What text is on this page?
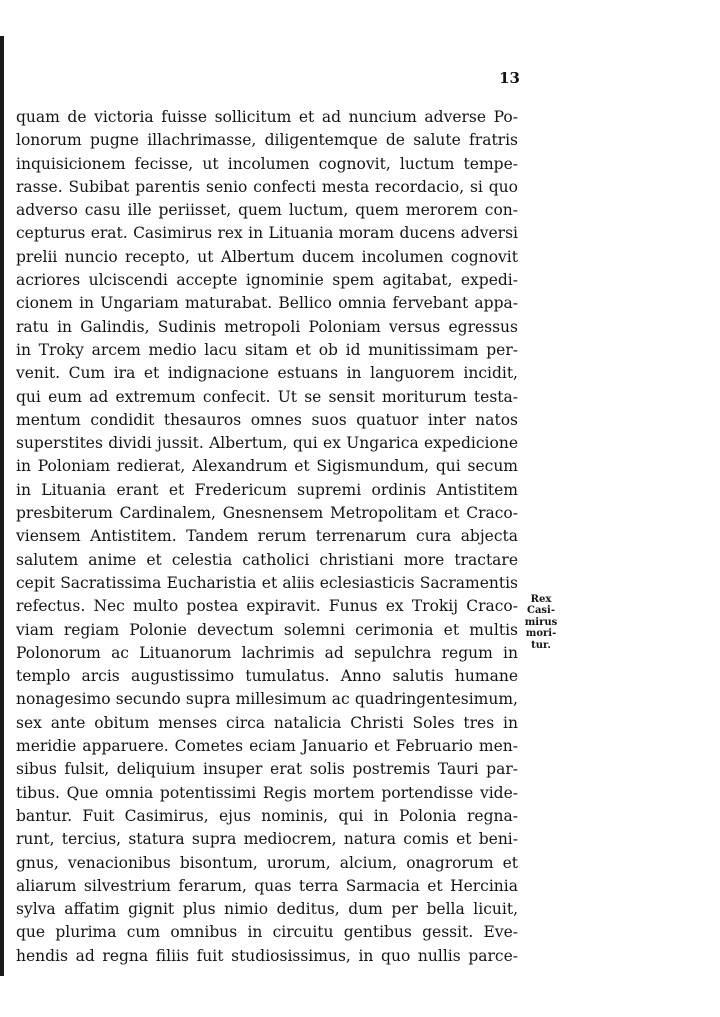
13
quam de victoria fuisse sollicitum et ad nuncium adverse Po-
lonorum pugne illachrimasse, diligentemque de salute fratris
inquisicionem fecisse, ut incolumen cognovit, luctum tempe-
rasse. Subibat parentis senio confecti mesta recordacio, si quo
adverso casu ille periisset, quem luctum, quem merorem con-
cepturus erat. Casimirus rex in Lituania moram ducens adversi
prelii nuncio recepto, ut Albertum ducem incolumen cognovit
acriores ulciscendi accepte ignominie spem agitabat, expedi-
cionem in Ungariam maturabat. Bellico omnia fervebant appa-
ratu in Galindis, Sudinis metropoli Poloniam versus egressus
in Troky arcem medio lacu sitam et ob id munitissimam per-
venit. Cum ira et indignacione estuans in languorem incidit,
qui eum ad extremum confecit. Ut se sensit moriturum testa-
mentum condidit thesauros omnes suos quatuor inter natos
superstites dividi jussit. Albertum, qui ex Ungarica expedicione
in Poloniam redierat, Alexandrum et Sigismundum, qui secum
in Lituania erant et Fredericum supremi ordinis Antistitem
presbiterum Cardinalem, Gnesnensem Metropolitam et Craco-
viensem Antistitem. Tandem rerum terrenarum cura abjecta
salutem anime et celestia catholici christiani more tractare
cepit Sacratissima Eucharistia et aliis eclesiasticis Sacramentis
refectus. Nec multo postea expiravit. Funus ex Trokij Craco-
viam regiam Polonie devectum solemni cerimonia et multis
Polonorum ac Lituanorum lachrimis ad sepulchra regum in
templo arcis augustissimo tumulatus. Anno salutis humane
nonagesimo secundo supra millesimum ac quadringentesimum,
sex ante obitum menses circa natalicia Christi Soles tres in
meridie apparuere. Cometes eciam Januario et Februario men-
sibus fulsit, deliquium insuper erat solis postremis Tauri par-
tibus. Que omnia potentissimi Regis mortem portendisse vide-
bantur. Fuit Casimirus, ejus nominis, qui in Polonia regna-
runt, tercius, statura supra mediocrem, natura comis et beni-
gnus, venacionibus bisontum, urorum, alcium, onagrorum et
aliarum silvestrium ferarum, quas terra Sarmacia et Hercinia
sylva affatim gignit plus nimio deditus, dum per bella licuit,
que plurima cum omnibus in circuitu gentibus gessit. Eve-
hendis ad regna filiis fuit studiosissimus, in quo nullis parce-
Rex
Casi-
mirus
mori-
tur.
